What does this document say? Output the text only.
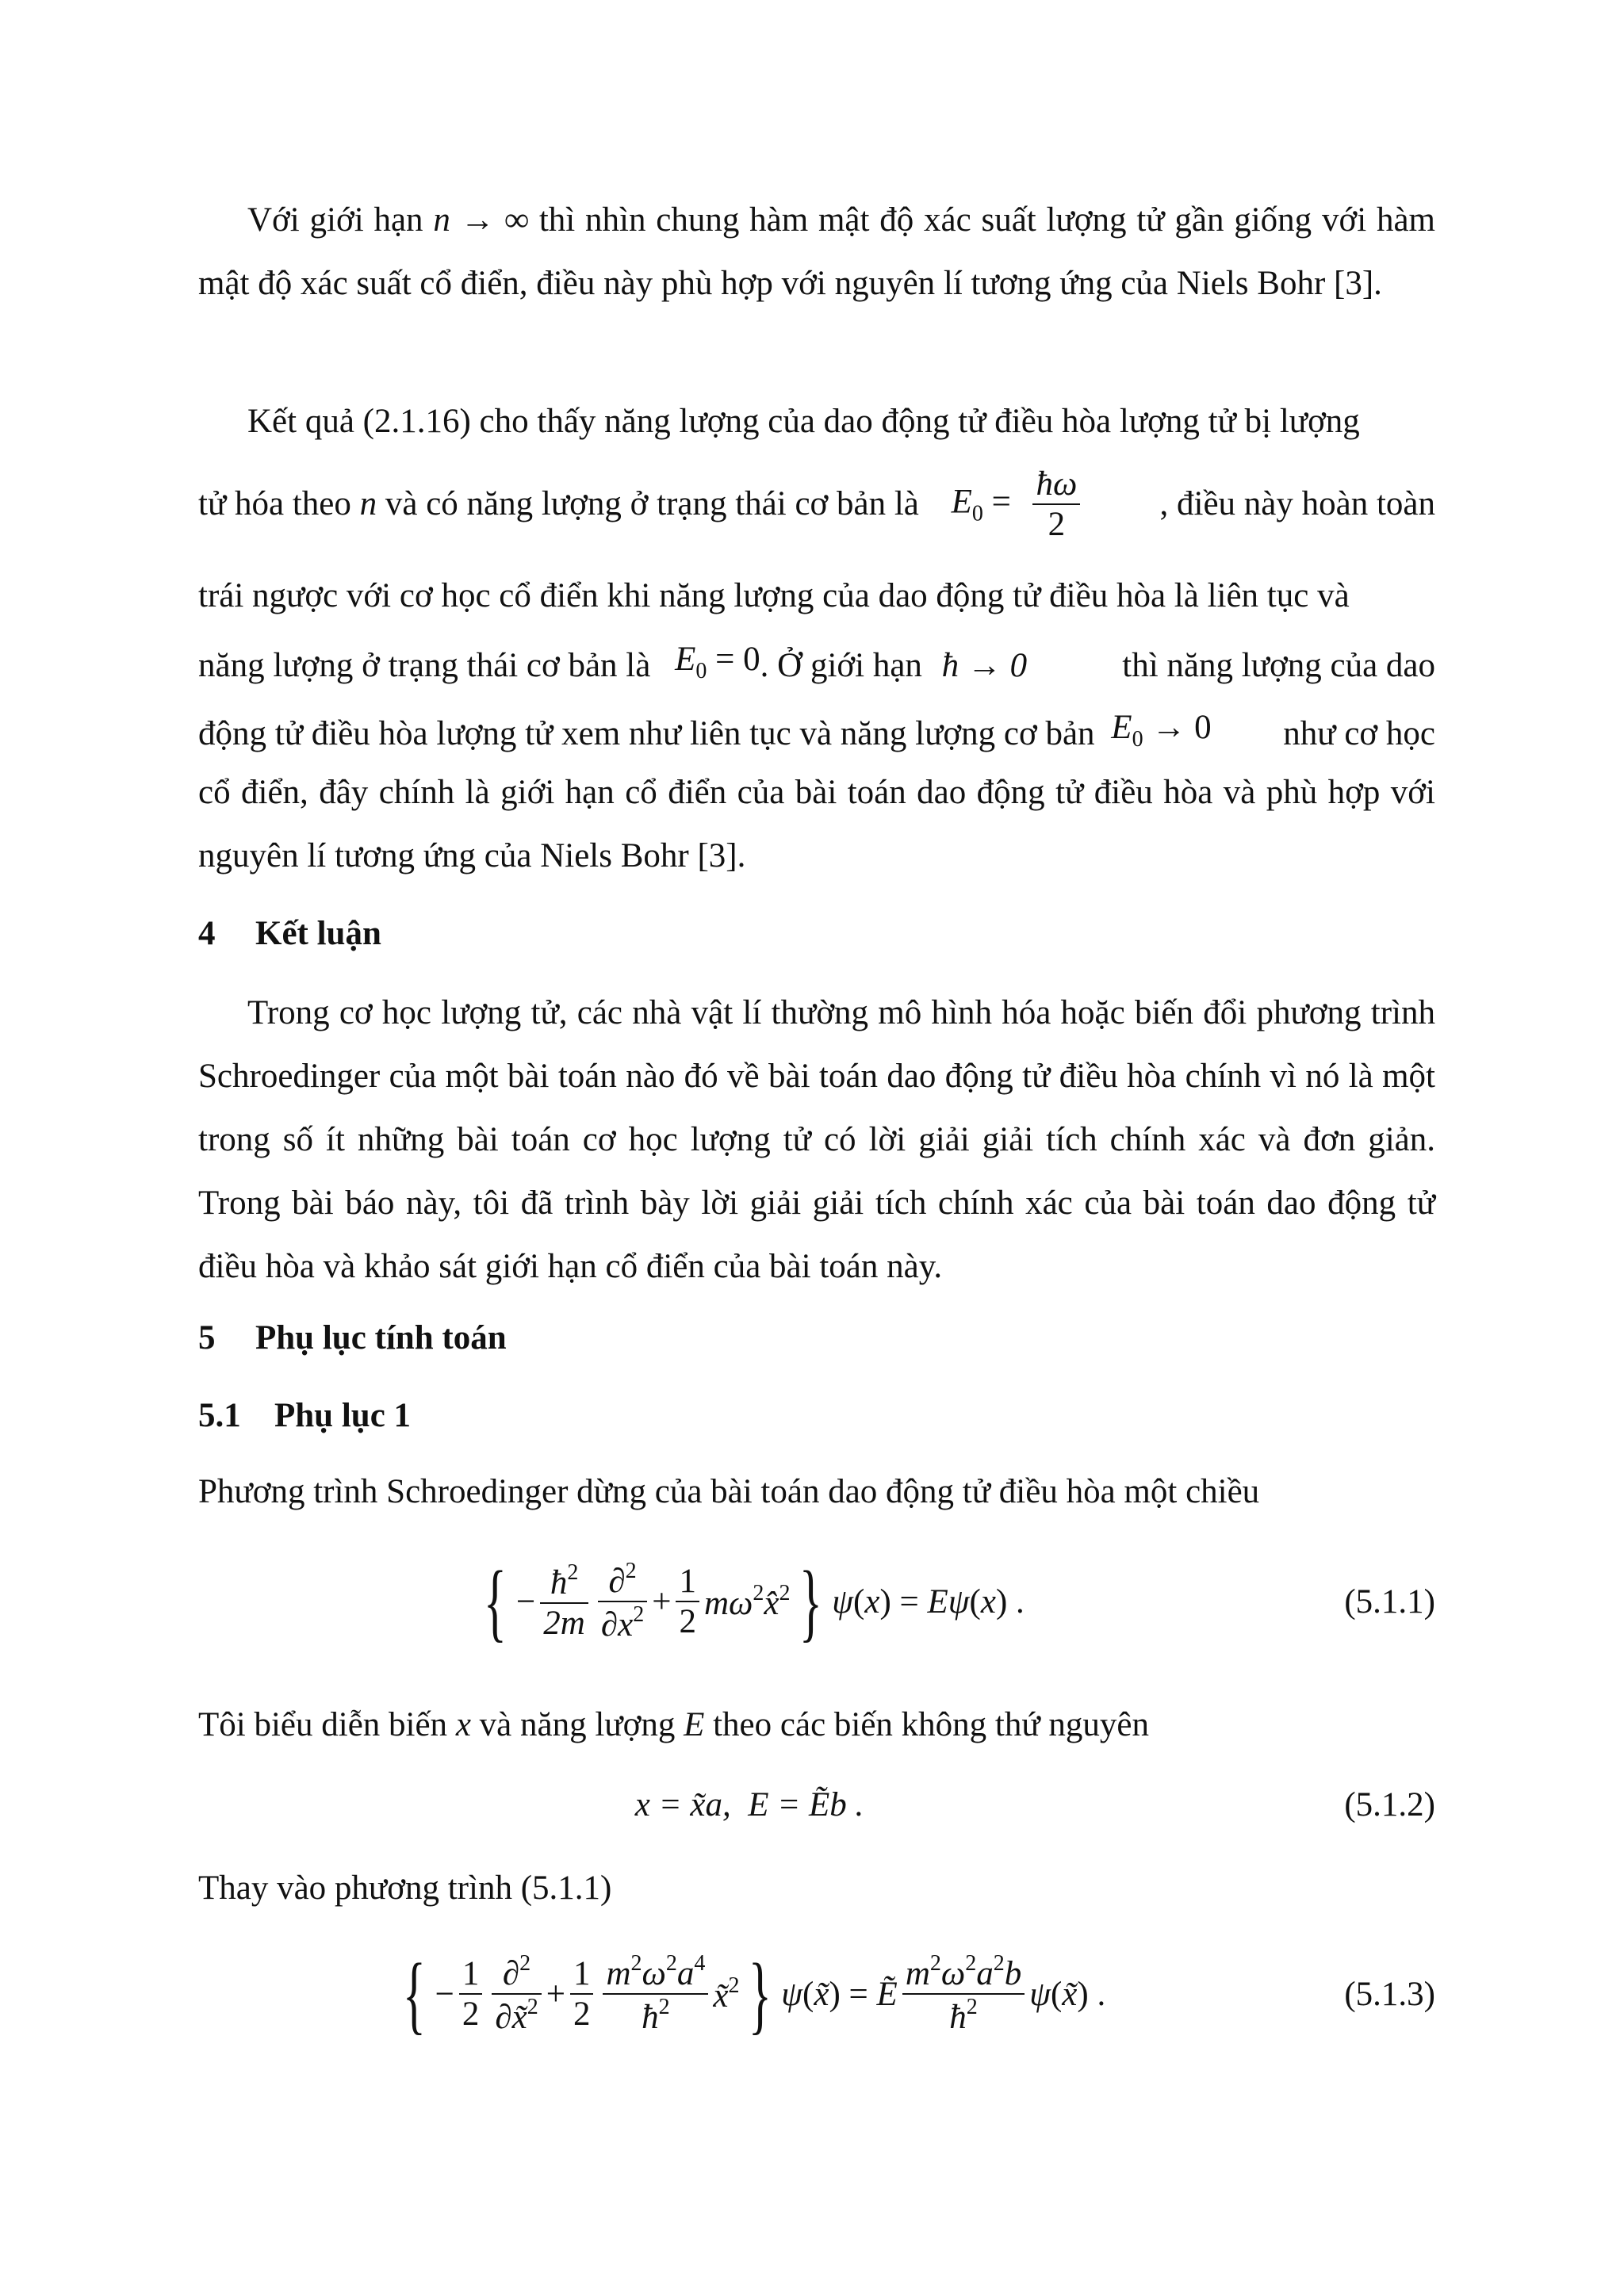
Với giới hạn n → ∞ thì nhìn chung hàm mật độ xác suất lượng tử gần giống với hàm mật độ xác suất cổ điển, điều này phù hợp với nguyên lí tương ứng của Niels Bohr [3].

Kết quả (2.1.16) cho thấy năng lượng của dao động tử điều hòa lượng tử bị lượng

tử hóa theo n và có năng lượng ở trạng thái cơ bản là $E_0 = \frac{ħ\omega}{2}$	, điều này hoàn toàn

trái ngược với cơ học cổ điển khi năng lượng của dao động tử điều hòa là liên tục và

năng lượng ở trạng thái cơ bản là $E_0 = 0$ . Ở giới hạn ħ → 0	thì năng lượng của dao
động tử điều hòa lượng tử xem như liên tục và năng lượng cơ bản $E_0 \to 0$	như cơ học

cổ điển, đây chính là giới hạn cổ điển của bài toán dao động tử điều hòa và phù hợp với nguyên lí tương ứng của Niels Bohr [3].

4 Kết luận

Trong cơ học lượng tử, các nhà vật lí thường mô hình hóa hoặc biến đổi phương trình Schroedinger của một bài toán nào đó về bài toán dao động tử điều hòa chính vì nó là một trong số ít những bài toán cơ học lượng tử có lời giải giải tích chính xác và đơn giản. Trong bài báo này, tôi đã trình bày lời giải giải tích chính xác của bài toán dao động tử điều hòa và khảo sát giới hạn cổ điển của bài toán này.

5 Phụ lục tính toán
5.1 Phụ lục 1

Phương trình Schroedinger dừng của bài toán dao động tử điều hòa một chiều

{ − $\frac{ħ^2}{2m} \frac{\partial^2}{\partial x^2} + \frac{1}{2}$ $m\omega^2x̂^2$ } ψ ( x ) = Eψ ( x ) .	(5.1.1)

Tôi biểu diễn biến x và năng lượng E theo các biến không thứ nguyên

x = x̃a,  E = Ẽb .	(5.1.2)

Thay vào phương trình (5.1.1)

{ − $\frac{1}{2} \frac{\partial^2}{\partial x̃^2} + \frac{1}{2} \frac{m^2\omega^2a^4}{ħ^2}$ x̃$^2$ } ψ ( x̃ ) = Ẽ $\frac{m^2\omega^2a^2b}{ħ^2}$ ψ ( x̃ ) .	(5.1.3)
